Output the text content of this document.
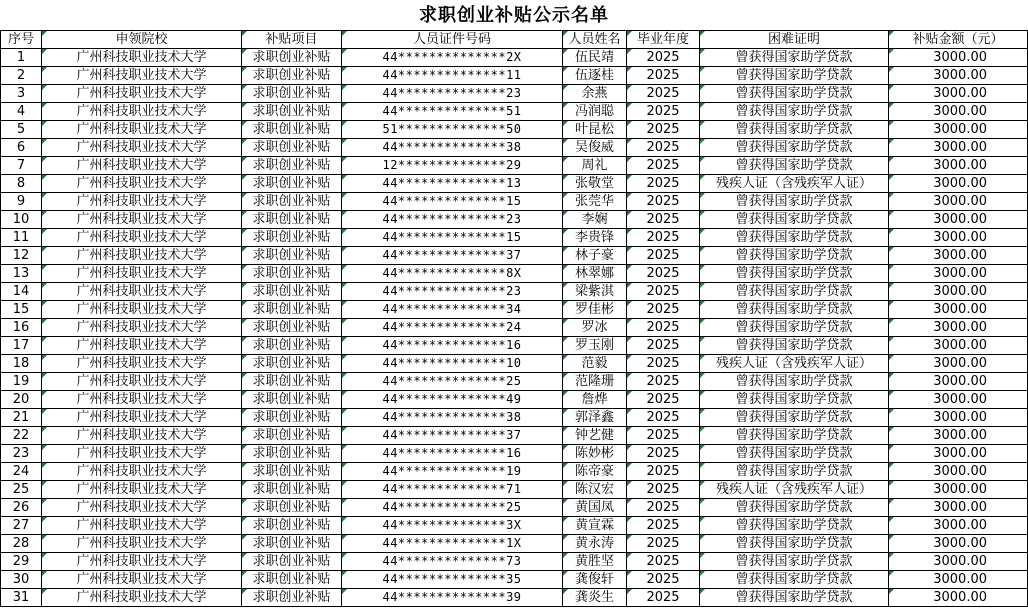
求职创业补贴公示名单
序号	申领院校	补贴项目	人员证件号码	人员姓名	毕业年度	困难证明	补贴金额（元）
1	广州科技职业技术大学	求职创业补贴	44**************2X	伍民靖	2025	曾获得国家助学贷款	3000.00
2	广州科技职业技术大学	求职创业补贴	44**************11	伍逐桂	2025	曾获得国家助学贷款	3000.00
3	广州科技职业技术大学	求职创业补贴	44**************23	余燕	2025	曾获得国家助学贷款	3000.00
4	广州科技职业技术大学	求职创业补贴	44**************51	冯润聪	2025	曾获得国家助学贷款	3000.00
5	广州科技职业技术大学	求职创业补贴	51**************50	叶昆松	2025	曾获得国家助学贷款	3000.00
6	广州科技职业技术大学	求职创业补贴	44**************38	吴俊威	2025	曾获得国家助学贷款	3000.00
7	广州科技职业技术大学	求职创业补贴	12**************29	周礼	2025	曾获得国家助学贷款	3000.00
8	广州科技职业技术大学	求职创业补贴	44**************13	张敬堂	2025	残疾人证（含残疾军人证）	3000.00
9	广州科技职业技术大学	求职创业补贴	44**************15	张莞华	2025	曾获得国家助学贷款	3000.00
10	广州科技职业技术大学	求职创业补贴	44**************23	李娴	2025	曾获得国家助学贷款	3000.00
11	广州科技职业技术大学	求职创业补贴	44**************15	李贵锋	2025	曾获得国家助学贷款	3000.00
12	广州科技职业技术大学	求职创业补贴	44**************37	林子豪	2025	曾获得国家助学贷款	3000.00
13	广州科技职业技术大学	求职创业补贴	44**************8X	林翠娜	2025	曾获得国家助学贷款	3000.00
14	广州科技职业技术大学	求职创业补贴	44**************23	梁紫淇	2025	曾获得国家助学贷款	3000.00
15	广州科技职业技术大学	求职创业补贴	44**************34	罗佳彬	2025	曾获得国家助学贷款	3000.00
16	广州科技职业技术大学	求职创业补贴	44**************24	罗冰	2025	曾获得国家助学贷款	3000.00
17	广州科技职业技术大学	求职创业补贴	44**************16	罗玉刚	2025	曾获得国家助学贷款	3000.00
18	广州科技职业技术大学	求职创业补贴	44**************10	范毅	2025	残疾人证（含残疾军人证）	3000.00
19	广州科技职业技术大学	求职创业补贴	44**************25	范隆珊	2025	曾获得国家助学贷款	3000.00
20	广州科技职业技术大学	求职创业补贴	44**************49	詹烨	2025	曾获得国家助学贷款	3000.00
21	广州科技职业技术大学	求职创业补贴	44**************38	郭泽鑫	2025	曾获得国家助学贷款	3000.00
22	广州科技职业技术大学	求职创业补贴	44**************37	钟艺健	2025	曾获得国家助学贷款	3000.00
23	广州科技职业技术大学	求职创业补贴	44**************16	陈妙彬	2025	曾获得国家助学贷款	3000.00
24	广州科技职业技术大学	求职创业补贴	44**************19	陈帝豪	2025	曾获得国家助学贷款	3000.00
25	广州科技职业技术大学	求职创业补贴	44**************71	陈汉宏	2025	残疾人证（含残疾军人证）	3000.00
26	广州科技职业技术大学	求职创业补贴	44**************25	黄国凤	2025	曾获得国家助学贷款	3000.00
27	广州科技职业技术大学	求职创业补贴	44**************3X	黄宣霖	2025	曾获得国家助学贷款	3000.00
28	广州科技职业技术大学	求职创业补贴	44**************1X	黄永涛	2025	曾获得国家助学贷款	3000.00
29	广州科技职业技术大学	求职创业补贴	44**************73	黄胜坚	2025	曾获得国家助学贷款	3000.00
30	广州科技职业技术大学	求职创业补贴	44**************35	龚俊轩	2025	曾获得国家助学贷款	3000.00
31	广州科技职业技术大学	求职创业补贴	44**************39	龚炎生	2025	曾获得国家助学贷款	3000.00
